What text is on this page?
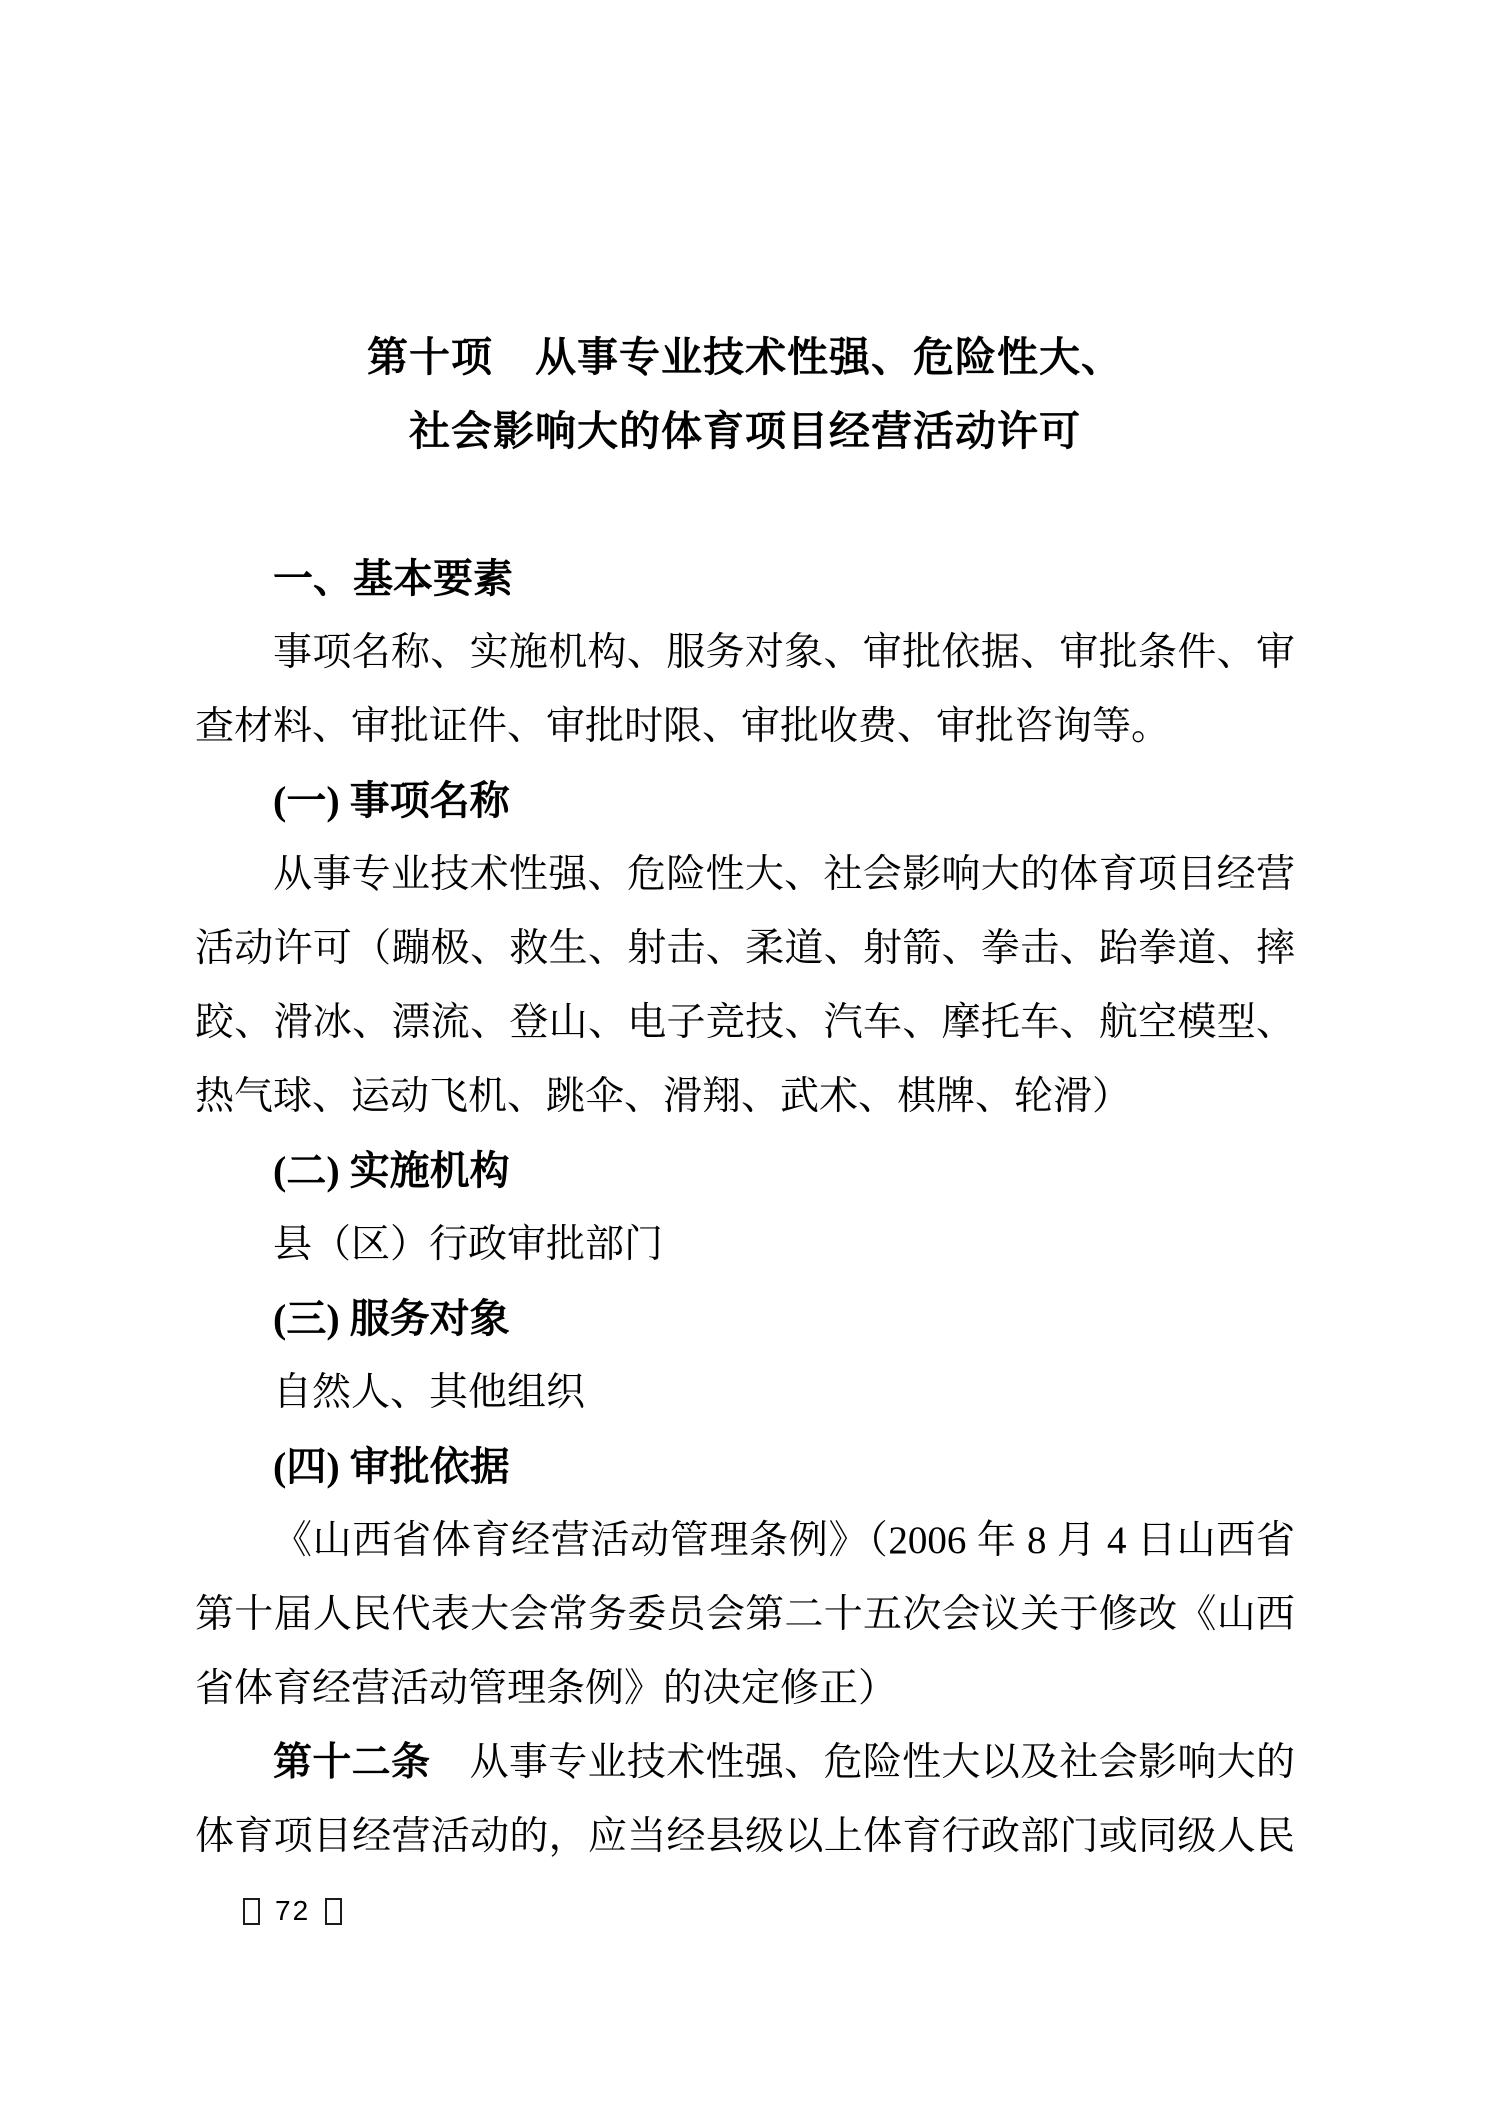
第十项　从事专业技术性强、危险性大、
社会影响大的体育项目经营活动许可
一、基本要素
事项名称、实施机构、服务对象、审批依据、审批条件、审
查材料、审批证件、审批时限、审批收费、审批咨询等。
(一) 事项名称
从事专业技术性强、危险性大、社会影响大的体育项目经营
活动许可（蹦极、救生、射击、柔道、射箭、拳击、跆拳道、摔
跤、滑冰、漂流、登山、电子竞技、汽车、摩托车、航空模型、
热气球、运动飞机、跳伞、滑翔、武术、棋牌、轮滑）
(二) 实施机构
县（区）行政审批部门
(三) 服务对象
自然人、其他组织
(四) 审批依据
《山西省体育经营活动管理条例》（2006 年 8 月 4 日山西省
第十届人民代表大会常务委员会第二十五次会议关于修改《山西
省体育经营活动管理条例》的决定修正）
第十二条　从事专业技术性强、危险性大以及社会影响大的
体育项目经营活动的，应当经县级以上体育行政部门或同级人民
72
